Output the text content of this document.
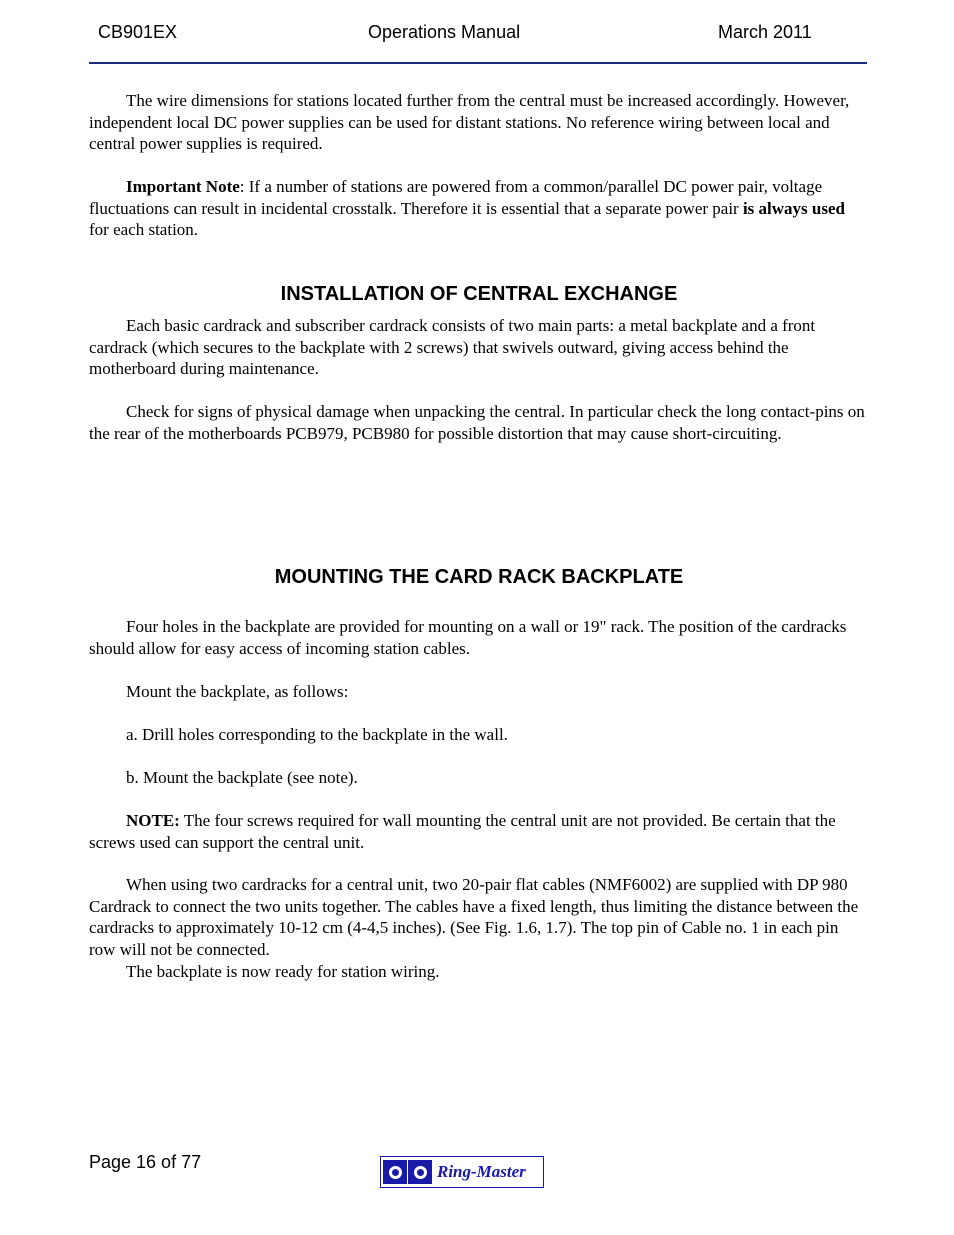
CB901EX	Operations Manual	March 2011

The wire dimensions for stations located further from the central must be increased accordingly. However, independent local DC power supplies can be used for distant stations. No reference wiring between local and central power supplies is required.

Important Note: If a number of stations are powered from a common/parallel DC power pair, voltage fluctuations can result in incidental crosstalk. Therefore it is essential that a separate power pair is always used for each station.

INSTALLATION OF CENTRAL EXCHANGE

Each basic cardrack and subscriber cardrack consists of two main parts: a metal backplate and a front cardrack (which secures to the backplate with 2 screws) that swivels outward, giving access behind the motherboard during maintenance.

Check for signs of physical damage when unpacking the central. In particular check the long contact-pins on the rear of the motherboards PCB979, PCB980 for possible distortion that may cause short-circuiting.

MOUNTING THE CARD RACK BACKPLATE

Four holes in the backplate are provided for mounting on a wall or 19" rack. The position of the cardracks should allow for easy access of incoming station cables.

Mount the backplate, as follows:

a. Drill holes corresponding to the backplate in the wall.

b. Mount the backplate (see note).

NOTE: The four screws required for wall mounting the central unit are not provided. Be certain that the screws used can support the central unit.

When using two cardracks for a central unit, two 20-pair flat cables (NMF6002) are supplied with DP 980 Cardrack to connect the two units together. The cables have a fixed length, thus limiting the distance between the cardracks to approximately 10-12 cm (4-4,5 inches). (See Fig. 1.6, 1.7). The top pin of Cable no. 1 in each pin row will not be connected.

The backplate is now ready for station wiring.

Page 16 of 77	Ring-Master
